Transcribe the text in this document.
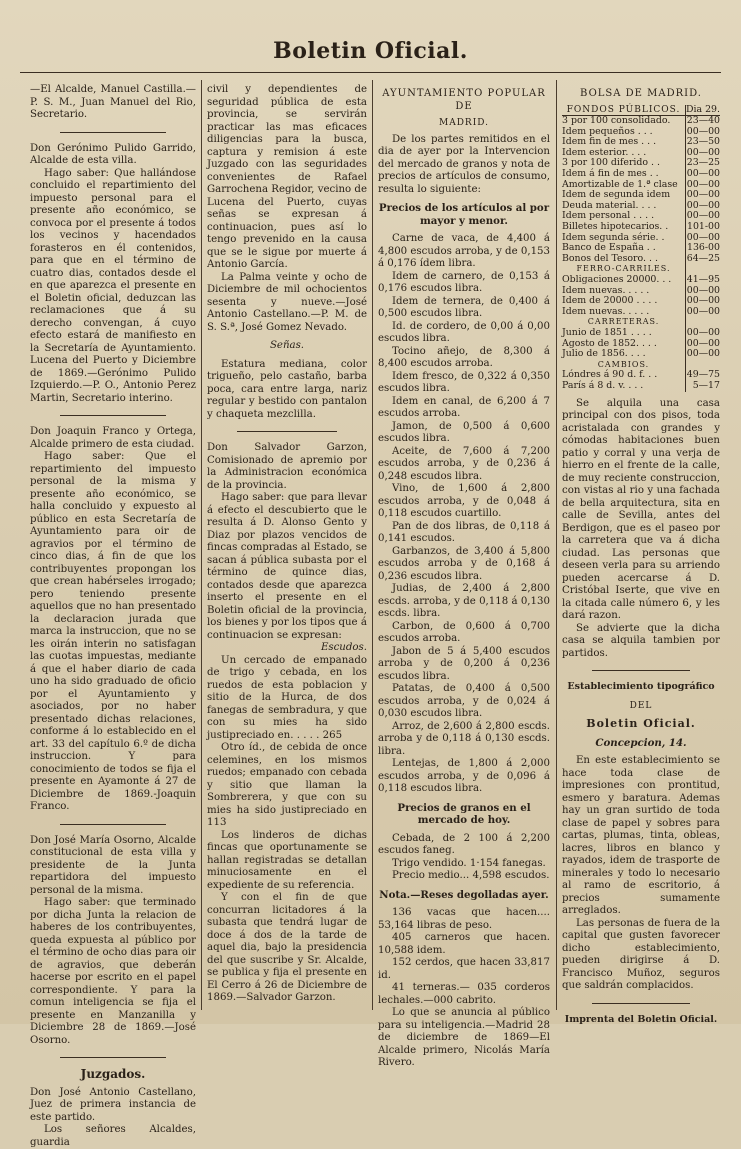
Boletin Oficial.

—El Alcalde, Manuel Castilla.— P. S. M., Juan Manuel del Rio, Secretario.

Don Gerónimo Pulido Garrido, Alcalde de esta villa.

Hago saber: Que hallándose concluido el repartimiento del impuesto personal para el presente año económico, se convoca por el presente á todos los vecinos y hacendados forasteros en él contenidos, para que en el término de cuatro dias, contados desde el en que aparezca el presente en el Boletin oficial, deduzcan las reclamaciones que á su derecho convengan, á cuyo efecto estará de manifiesto en la Secretaría de Ayuntamiento. Lucena del Puerto y Diciembre de 1869.—Gerónimo Pulido Izquierdo.—P. O., Antonio Perez Martin, Secretario interino.

Don Joaquin Franco y Ortega, Alcalde primero de esta ciudad.

Hago saber: Que el repartimiento del impuesto personal de la misma y presente año económico, se halla concluido y expuesto al público en esta Secretaría de Ayuntamiento para oir de agravios por el término de cinco dias, á fin de que los contribuyentes propongan los que crean habérseles irrogado; pero teniendo presente aquellos que no han presentado la declaracion jurada que marca la instruccion, que no se les oirán interin no satisfagan las cuotas impuestas, mediante á que el haber diario de cada uno ha sido graduado de oficio por el Ayuntamiento y asociados, por no haber presentado dichas relaciones, conforme á lo establecido en el art. 33 del capítulo 6.º de dicha instruccion. Y para conocimiento de todos se fija el presente en Ayamonte á 27 de Diciembre de 1869.-Joaquin Franco.

Don José María Osorno, Alcalde constitucional de esta villa y presidente de la Junta repartidora del impuesto personal de la misma.

Hago saber: que terminado por dicha Junta la relacion de haberes de los contribuyentes, queda expuesta al público por el término de ocho dias para oir de agravios, que deberán hacerse por escrito en el papel correspondiente. Y para la comun inteligencia se fija el presente en Manzanilla y Diciembre 28 de 1869.—José Osorno.

Juzgados.

Don José Antonio Castellano, Juez de primera instancia de este partido.

Los señores Alcaldes, guardia

civil y dependientes de seguridad pública de esta provincia, se servirán practicar las mas eficaces diligencias para la busca, captura y remision á este Juzgado con las seguridades convenientes de Rafael Garrochena Regidor, vecino de Lucena del Puerto, cuyas señas se expresan á continuacion, pues así lo tengo prevenido en la causa que se le sigue por muerte á Antonio García.

La Palma veinte y ocho de Diciembre de mil ochocientos sesenta y nueve.—José Antonio Castellano.—P. M. de S. S.ª, José Gomez Nevado.

Señas.

Estatura mediana, color trigueño, pelo castaño, barba poca, cara entre larga, nariz regular y bestido con pantalon y chaqueta mezclilla.

Don Salvador Garzon, Comisionado de apremio por la Administracion económica de la provincia.

Hago saber: que para llevar á efecto el descubierto que le resulta á D. Alonso Gento y Diaz por plazos vencidos de fincas compradas al Estado, se sacan á pública subasta por el término de quince dias, contados desde que aparezca inserto el presente en el Boletin oficial de la provincia, los bienes y por los tipos que á continuacion se expresan:

Escudos.

Un cercado de empanado de trigo y cebada, en los ruedos de esta poblacion y sitio de la Hurca, de dos fanegas de sembradura, y que con su mies ha sido justipreciado en. . . . . 265

Otro íd., de cebida de once celemines, en los mismos ruedos; empanado con cebada y sitio que llaman la Sombrerera, y que con su mies ha sido justipreciado en 113

Los linderos de dichas fincas que oportunamente se hallan registradas se detallan minuciosamente en el expediente de su referencia.

Y con el fin de que concurran licitadores á la subasta que tendrá lugar de doce á dos de la tarde de aquel dia, bajo la presidencia del que suscribe y Sr. Alcalde, se publica y fija el presente en El Cerro á 26 de Diciembre de 1869.—Salvador Garzon.

AYUNTAMIENTO POPULAR DE
MADRID.

De los partes remitidos en el dia de ayer por la Intervencion del mercado de granos y nota de precios de artículos de consumo, resulta lo siguiente:

Precios de los artículos al por mayor y menor.

Carne de vaca, de 4,400 á 4,800 escudos arroba, y de 0,153 á 0,176 ídem libra.

Idem de carnero, de 0,153 á 0,176 escudos libra.

Idem de ternera, de 0,400 á 0,500 escudos libra.

Id. de cordero, de 0,00 á 0,00 escudos libra.

Tocino añejo, de 8,300 á 8,400 escudos arroba.

Idem fresco, de 0,322 á 0,350 escudos libra.

Idem en canal, de 6,200 á 7 escudos arroba.

Jamon, de 0,500 á 0,600 escudos libra.

Aceite, de 7,600 á 7,200 escudos arroba, y de 0,236 á 0,248 escudos libra.

Vino, de 1,600 á 2,800 escudos arroba, y de 0,048 á 0,118 escudos cuartillo.

Pan de dos libras, de 0,118 á 0,141 escudos.

Garbanzos, de 3,400 á 5,800 escudos arroba y de 0,168 á 0,236 escudos libra.

Judias, de 2,400 á 2,800 escds. arroba, y de 0,118 á 0,130 escds. libra.

Carbon, de 0,600 á 0,700 escudos arroba.

Jabon de 5 á 5,400 escudos arroba y de 0,200 á 0,236 escudos libra.

Patatas, de 0,400 á 0,500 escudos arroba, y de 0,024 á 0,030 escudos libra.

Arroz, de 2,600 á 2,800 escds. arroba y de 0,118 á 0,130 escds. libra.

Lentejas, de 1,800 á 2,000 escudos arroba, y de 0,096 á 0,118 escudos libra.

Precios de granos en el mercado de hoy.

Cebada, de 2 100 á 2,200 escudos faneg.

Trigo vendido. 1·154 fanegas.

Precio medio... 4,598 escudos.

Nota.—Reses degolladas ayer.

136 vacas que hacen.... 53,164 libras de peso.

405 carneros que hacen. 10,588 idem.

152 cerdos, que hacen 33,817 id.

41 terneras.— 035 corderos lechales.—000 cabrito.

Lo que se anuncia al público para su inteligencia.—Madrid 28 de diciembre de 1869—El Alcalde primero, Nicolás María Rivero.

BOLSA DE MADRID.
FONDOS PÚBLICOS.	Dia 29.
3 por 100 consolidado.	23—40
Idem pequeños . . .	00—00
Idem fin de mes . . .	23—50
Idem esterior. . . .	00—00
3 por 100 diferido . .	23—25
Idem á fin de mes . .	00—00
Amortizable de 1.ª clase	00—00
Idem de segunda idem	00—00
Deuda material. . . .	00—00
Idem personal . . . .	00—00
Billetes hipotecarios. .	101-00
Idem segunda série. .	00—00
Banco de España . .	136-00
Bonos del Tesoro. . .	64—25
FERRO-CARRILES.	
Obligaciones 20000. . .	41—95
Idem nuevas. . . . .	00—00
Idem de 20000 . . . .	00—00
Idem nuevas. . . . .	00—00
CARRETERAS.	
Junio de 1851 . . . .	00—00
Agosto de 1852. . . .	00—00
Julio de 1856. . . .	00—00
CAMBIOS.	
Lóndres á 90 d. f. . .	49—75
París á 8 d. v. . . .	5—17

Se alquila una casa principal con dos pisos, toda acristalada con grandes y cómodas habitaciones buen patio y corral y una verja de hierro en el frente de la calle, de muy reciente construccion, con vistas al rio y una fachada de bella arquitectura, sita en calle de Sevilla, antes del Berdigon, que es el paseo por la carretera que va á dicha ciudad. Las personas que deseen verla para su arriendo pueden acercarse á D. Cristóbal Iserte, que vive en la citada calle número 6, y les dará razon.

Se advierte que la dicha casa se alquila tambien por partidos.

Establecimiento tipográfico
DEL
Boletin Oficial.
Concepcion, 14.

En este establecimiento se hace toda clase de impresiones con prontitud, esmero y baratura. Ademas hay un gran surtido de toda clase de papel y sobres para cartas, plumas, tinta, obleas, lacres, libros en blanco y rayados, idem de trasporte de minerales y todo lo necesario al ramo de escritorio, á precios sumamente arreglados.

Las personas de fuera de la capital que gusten favorecer dicho establecimiento, pueden dirigirse á D. Francisco Muñoz, seguros que saldrán complacidos.

Imprenta del Boletin Oficial.
